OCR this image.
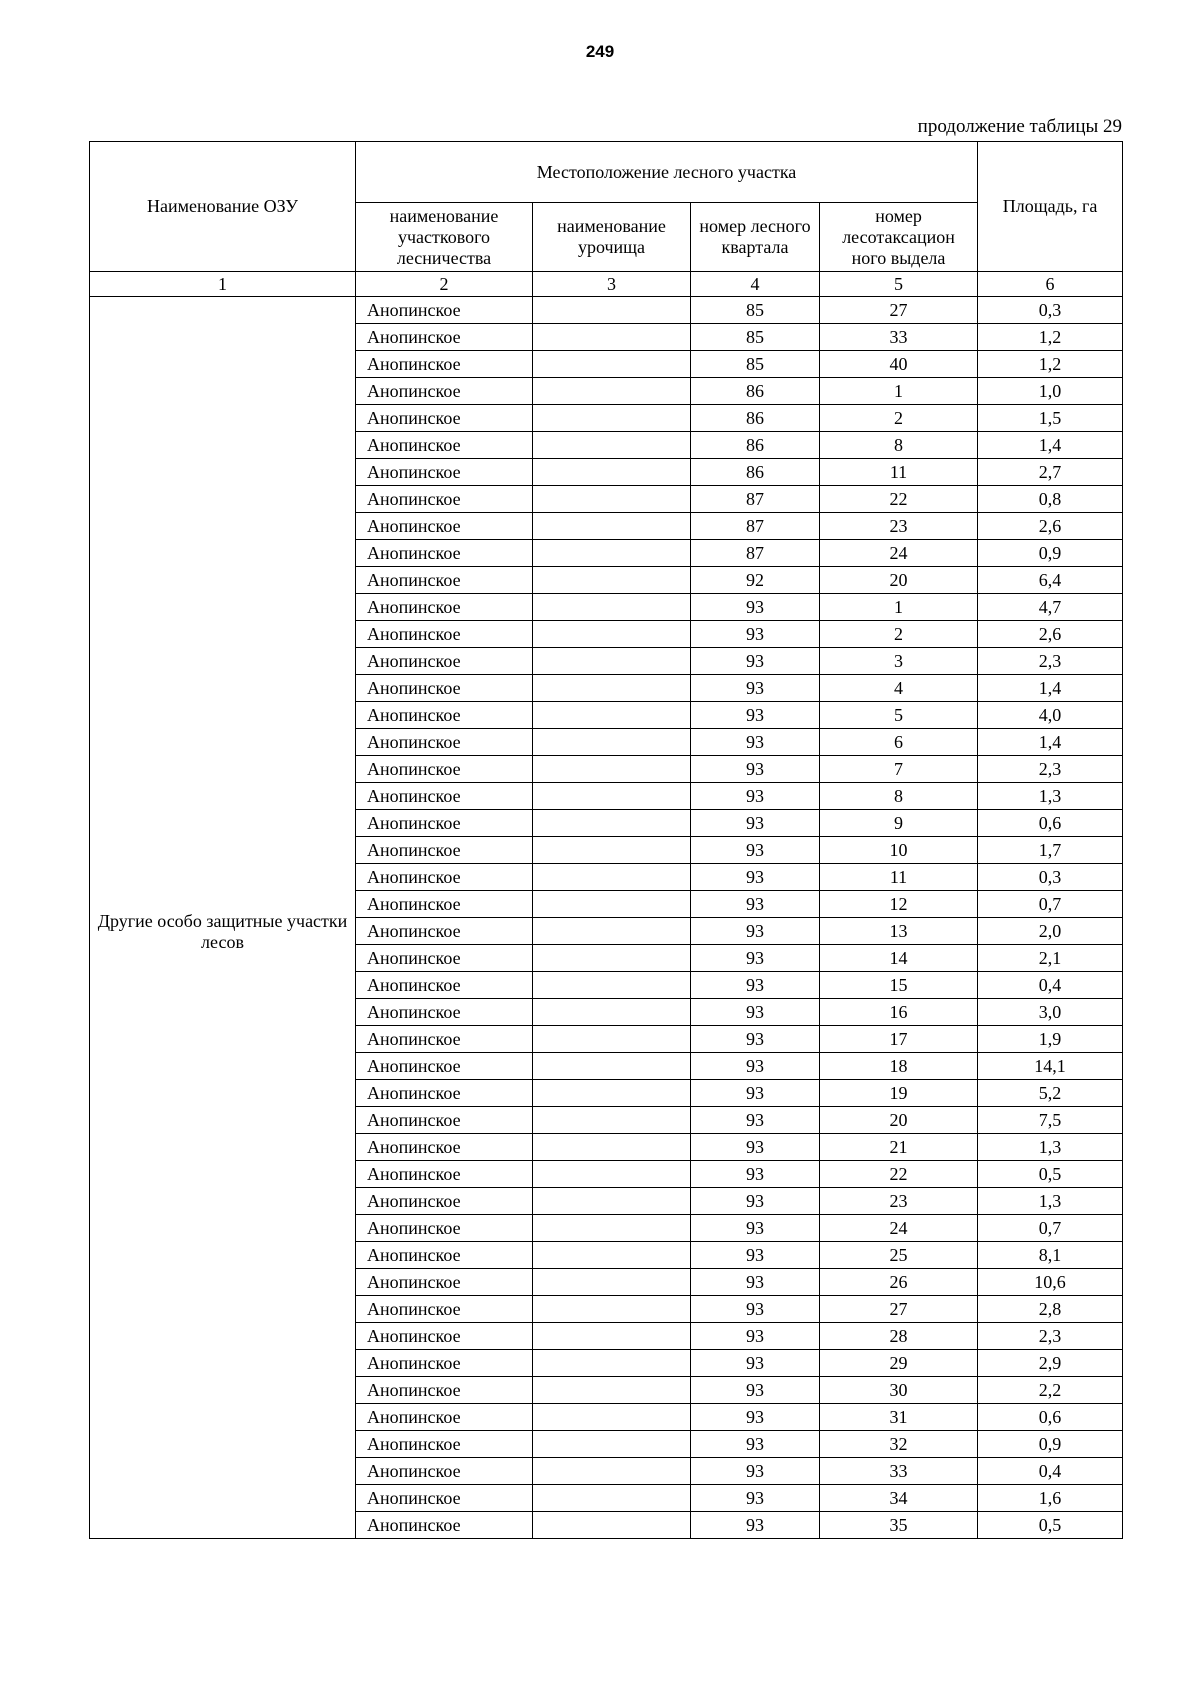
249
продолжение таблицы 29
Наименование ОЗУ	Местоположение лесного участка				Площадь, га
	наименование участкового лесничества	наименование урочища	номер лесного квартала	номер лесотаксацион ного выдела	
1	2	3	4	5	6
Другие особо защитные участки лесов	Анопинское		85	27	0,3
	Анопинское		85	33	1,2
	Анопинское		85	40	1,2
	Анопинское		86	1	1,0
	Анопинское		86	2	1,5
	Анопинское		86	8	1,4
	Анопинское		86	11	2,7
	Анопинское		87	22	0,8
	Анопинское		87	23	2,6
	Анопинское		87	24	0,9
	Анопинское		92	20	6,4
	Анопинское		93	1	4,7
	Анопинское		93	2	2,6
	Анопинское		93	3	2,3
	Анопинское		93	4	1,4
	Анопинское		93	5	4,0
	Анопинское		93	6	1,4
	Анопинское		93	7	2,3
	Анопинское		93	8	1,3
	Анопинское		93	9	0,6
	Анопинское		93	10	1,7
	Анопинское		93	11	0,3
	Анопинское		93	12	0,7
	Анопинское		93	13	2,0
	Анопинское		93	14	2,1
	Анопинское		93	15	0,4
	Анопинское		93	16	3,0
	Анопинское		93	17	1,9
	Анопинское		93	18	14,1
	Анопинское		93	19	5,2
	Анопинское		93	20	7,5
	Анопинское		93	21	1,3
	Анопинское		93	22	0,5
	Анопинское		93	23	1,3
	Анопинское		93	24	0,7
	Анопинское		93	25	8,1
	Анопинское		93	26	10,6
	Анопинское		93	27	2,8
	Анопинское		93	28	2,3
	Анопинское		93	29	2,9
	Анопинское		93	30	2,2
	Анопинское		93	31	0,6
	Анопинское		93	32	0,9
	Анопинское		93	33	0,4
	Анопинское		93	34	1,6
	Анопинское		93	35	0,5
